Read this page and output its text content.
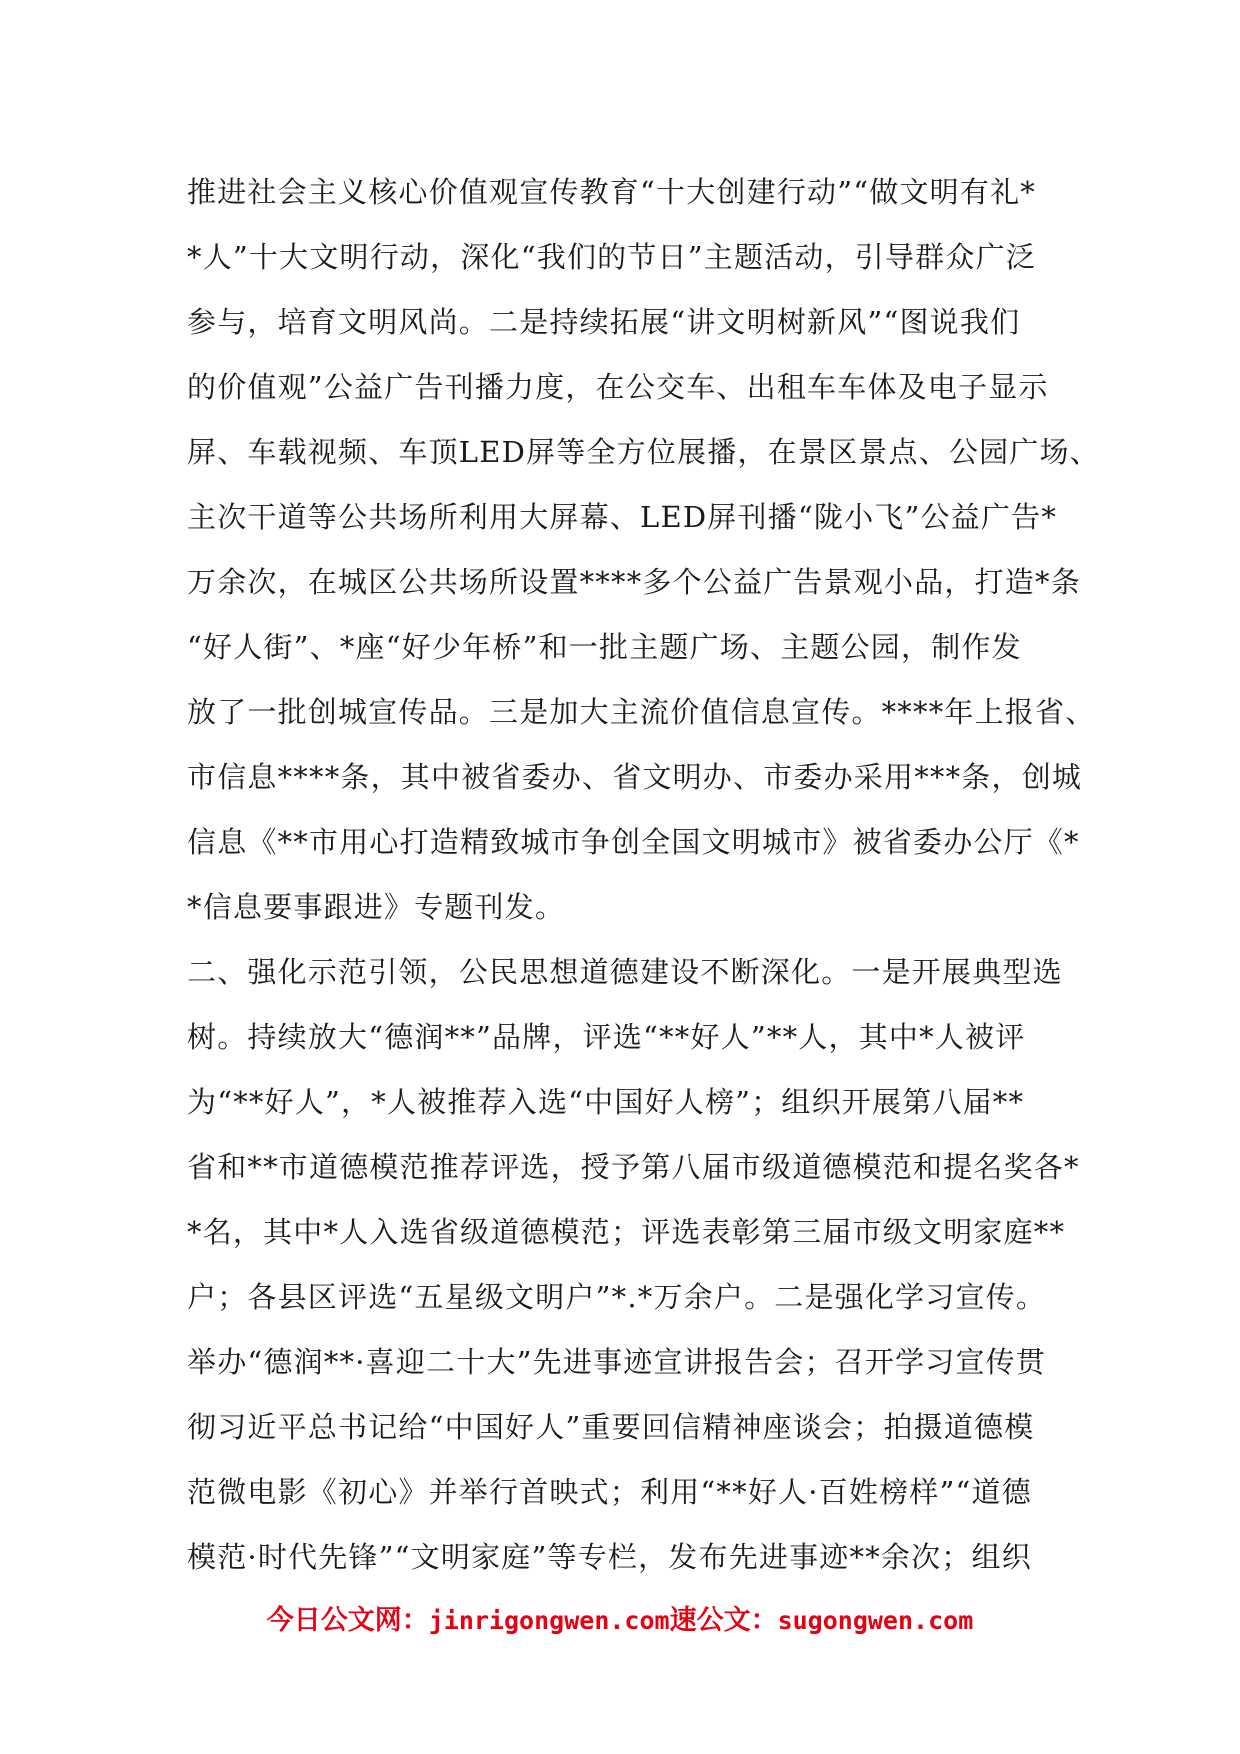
推进社会主义核心价值观宣传教育“十大创建行动”“做文明有礼*
*人”十大文明行动，深化“我们的节日”主题活动，引导群众广泛
参与，培育文明风尚。二是持续拓展“讲文明树新风”“图说我们
的价值观”公益广告刊播力度，在公交车、出租车车体及电子显示
屏、车载视频、车顶LED屏等全方位展播，在景区景点、公园广场、
主次干道等公共场所利用大屏幕、LED屏刊播“陇小飞”公益广告*
万余次，在城区公共场所设置****多个公益广告景观小品，打造*条
“好人街”、*座“好少年桥”和一批主题广场、主题公园，制作发
放了一批创城宣传品。三是加大主流价值信息宣传。****年上报省、
市信息****条，其中被省委办、省文明办、市委办采用***条，创城
信息《**市用心打造精致城市争创全国文明城市》被省委办公厅《*
*信息要事跟进》专题刊发。
二、强化示范引领，公民思想道德建设不断深化。一是开展典型选
树。持续放大“德润**”品牌，评选“**好人”**人，其中*人被评
为“**好人”，*人被推荐入选“中国好人榜”；组织开展第八届**
省和**市道德模范推荐评选，授予第八届市级道德模范和提名奖各*
*名，其中*人入选省级道德模范；评选表彰第三届市级文明家庭**
户；各县区评选“五星级文明户”*.*万余户。二是强化学习宣传。
举办“德润**·喜迎二十大”先进事迹宣讲报告会；召开学习宣传贯
彻习近平总书记给“中国好人”重要回信精神座谈会；拍摄道德模
范微电影《初心》并举行首映式；利用“**好人·百姓榜样”“道德
模范·时代先锋”“文明家庭”等专栏，发布先进事迹**余次；组织
今日公文网：jinrigongwen.com速公文：sugongwen.com
